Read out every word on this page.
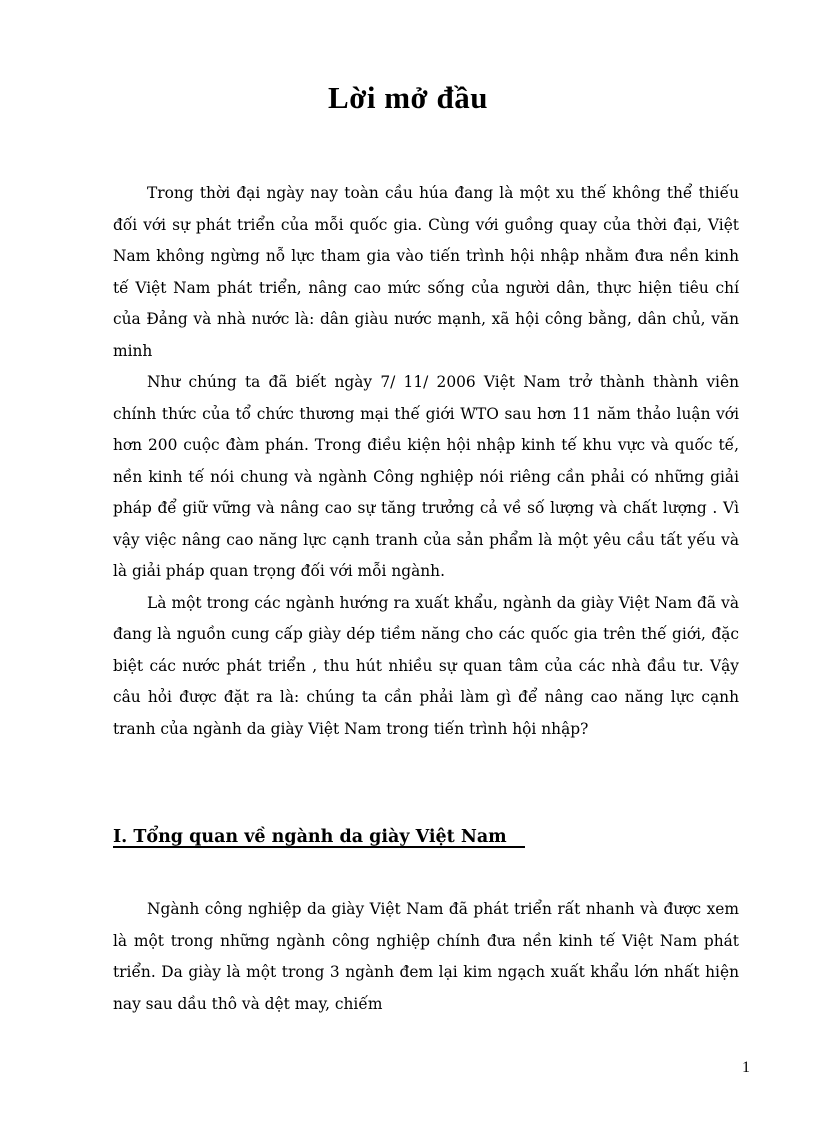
Lời mở đầu

Trong thời đại ngày nay toàn cầu húa đang là một xu thế không thể thiếu đối với sự phát triển của mỗi quốc gia. Cùng với guồng quay của thời đại, Việt Nam không ngừng nỗ lực tham gia vào tiến trình hội nhập nhằm đưa nền kinh tế Việt Nam phát triển, nâng cao mức sống của người dân, thực hiện tiêu chí của Đảng và nhà nước là: dân giàu nước mạnh, xã hội công bằng, dân chủ, văn minh

Như chúng ta đã biết ngày 7/ 11/ 2006 Việt Nam trở thành thành viên chính thức của tổ chức thương mại thế giới WTO sau hơn 11 năm thảo luận với hơn 200 cuộc đàm phán. Trong điều kiện hội nhập kinh tế khu vực và quốc tế, nền kinh tế nói chung và ngành Công nghiệp nói riêng cần phải có những giải pháp để giữ vững và nâng cao sự tăng trưởng cả về số lượng và chất lượng . Vì vậy việc nâng cao năng lực cạnh tranh của sản phẩm là một yêu cầu tất yếu và là giải pháp quan trọng đối với mỗi ngành.

Là một trong các ngành hướng ra xuất khẩu, ngành da giày Việt Nam đã và đang là nguồn cung cấp giày dép tiềm năng cho các quốc gia trên thế giới, đặc biệt các nước phát triển , thu hút nhiều sự quan tâm của các nhà đầu tư. Vậy câu hỏi được đặt ra là: chúng ta cần phải làm gì để nâng cao năng lực cạnh tranh của ngành da giày Việt Nam trong tiến trình hội nhập?

I. Tổng quan về ngành da giày Việt Nam

Ngành công nghiệp da giày Việt Nam đã phát triển rất nhanh và được xem là một trong những ngành công nghiệp chính đưa nền kinh tế Việt Nam phát triển. Da giày là một trong 3 ngành đem lại kim ngạch xuất khẩu lớn nhất hiện nay sau dầu thô và dệt may, chiếm

1
